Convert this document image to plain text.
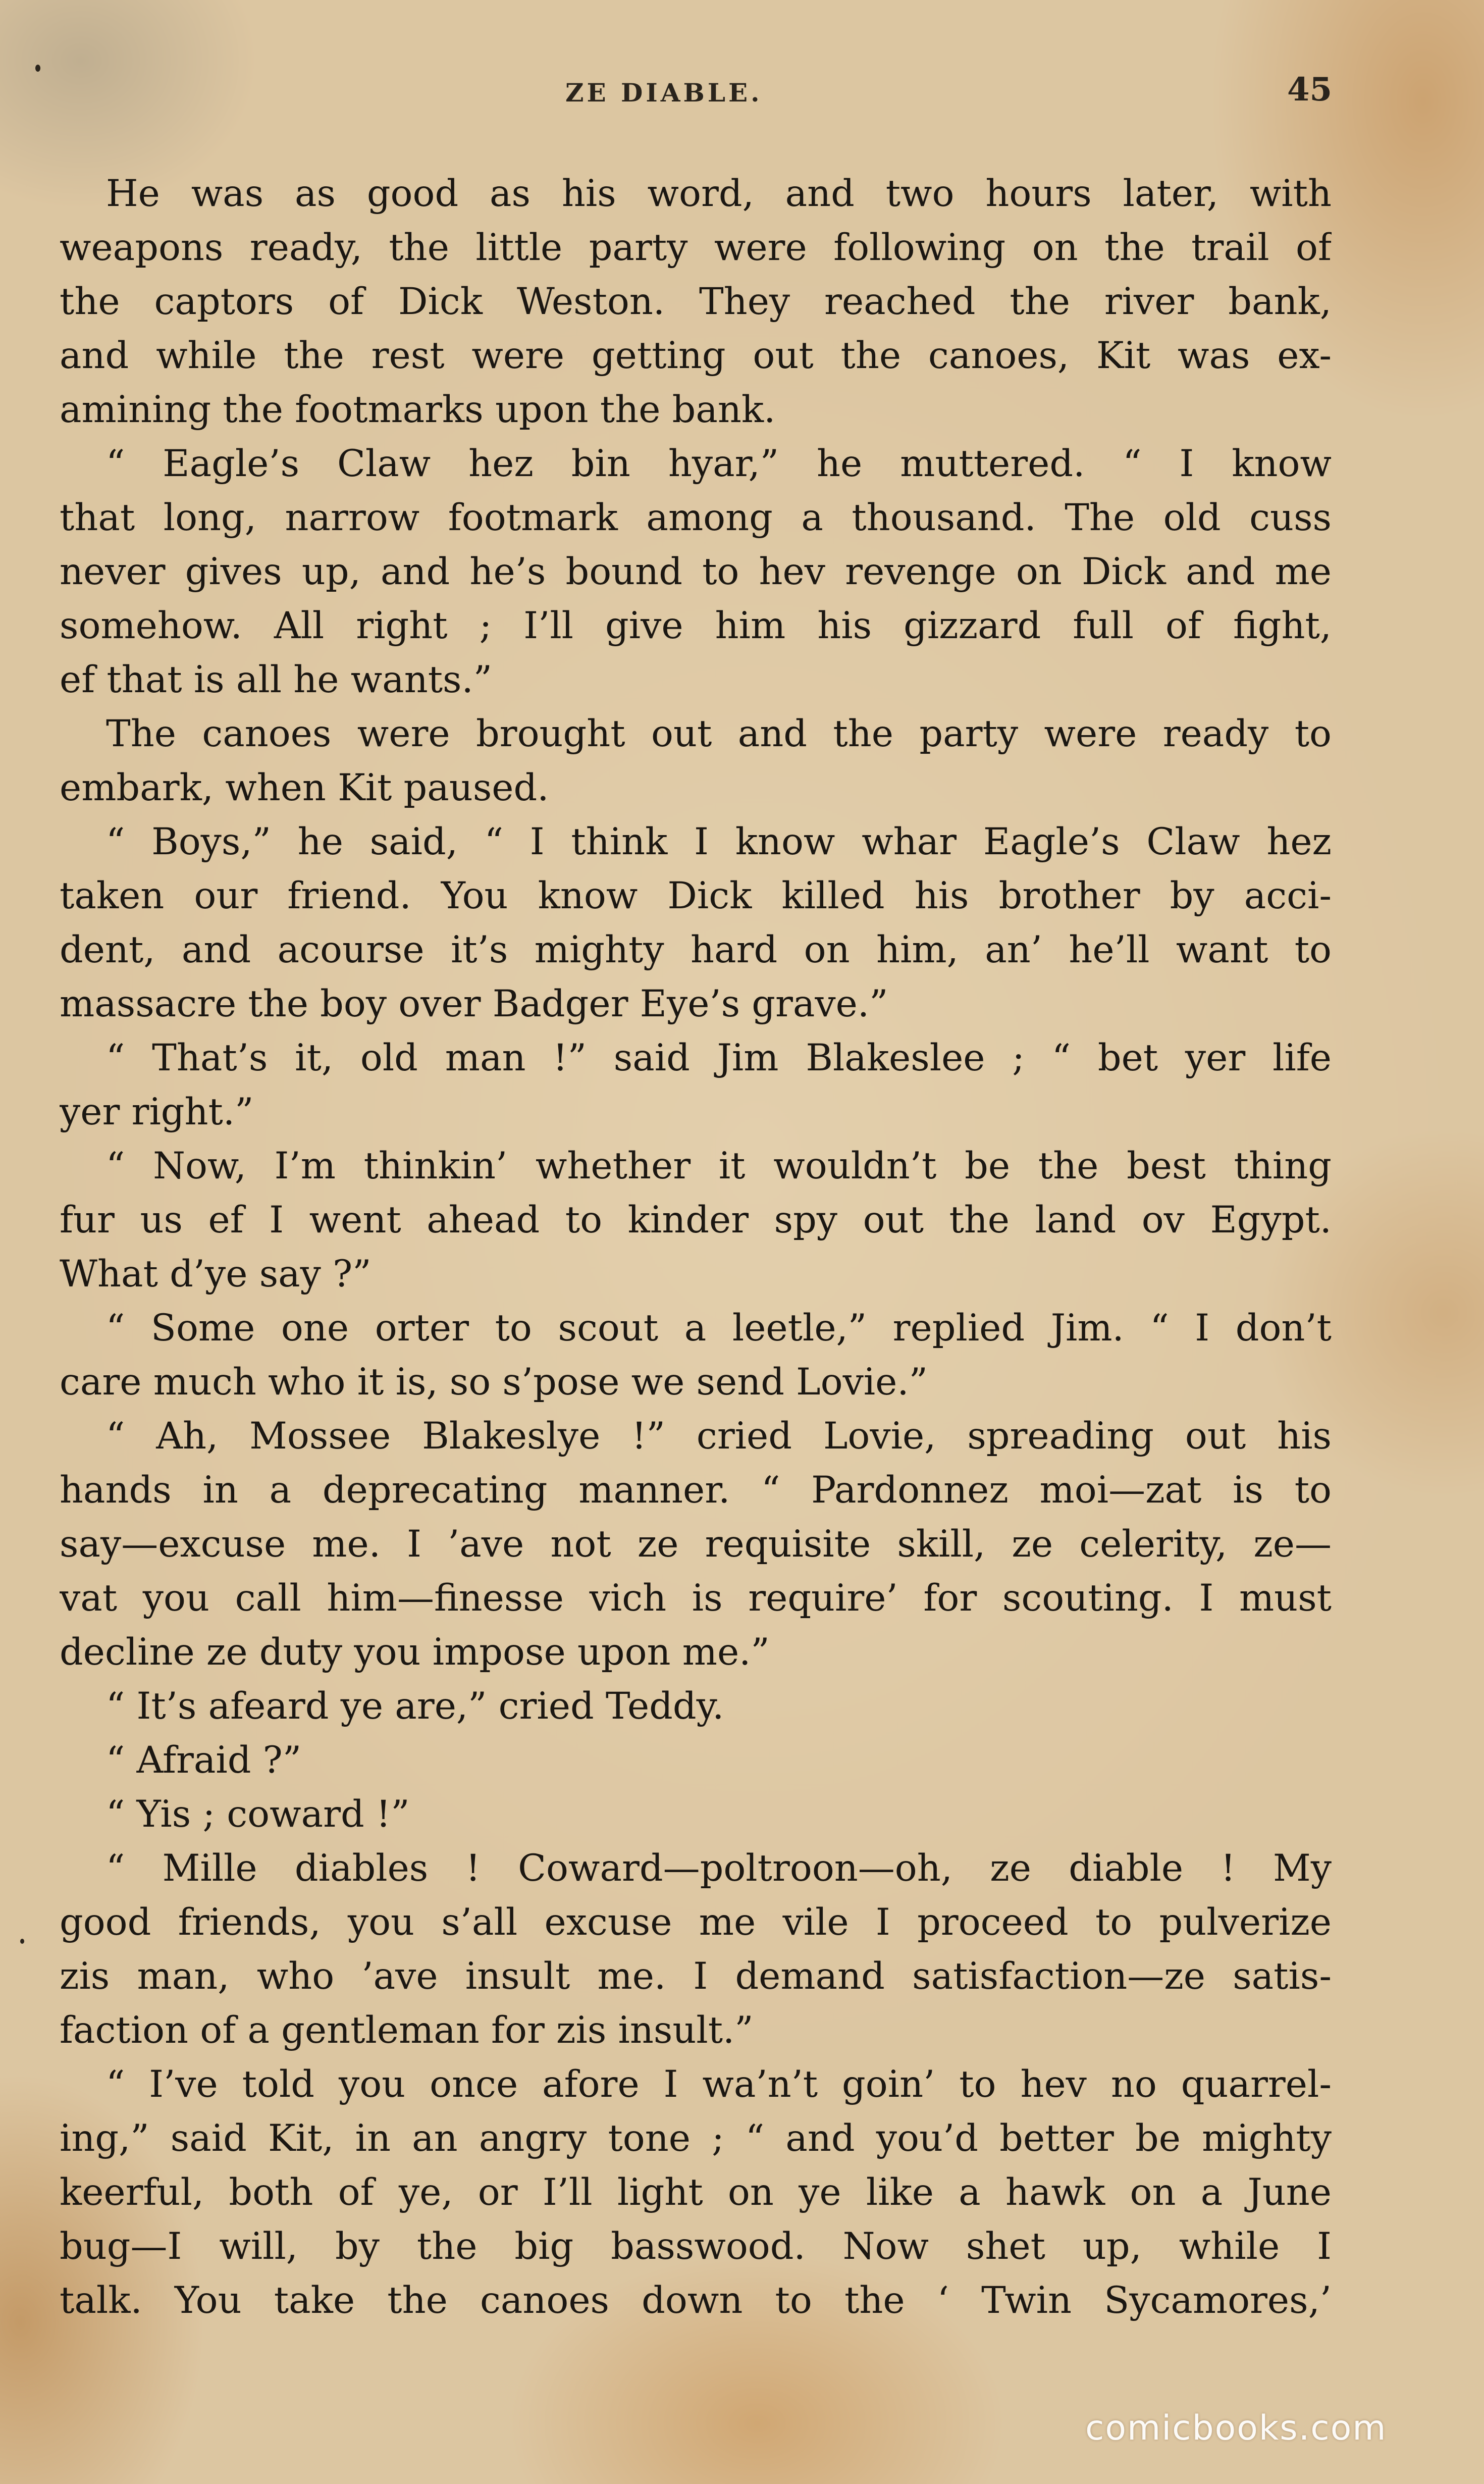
ZE DIABLE.	45
He was as good as his word, and two hours later, with
weapons ready, the little party were following on the trail of
the captors of Dick Weston. They reached the river bank,
and while the rest were getting out the canoes, Kit was ex-
amining the footmarks upon the bank.
“ Eagle’s Claw hez bin hyar,” he muttered. “ I know
that long, narrow footmark among a thousand. The old cuss
never gives up, and he’s bound to hev revenge on Dick and me
somehow. All right ; I’ll give him his gizzard full of fight,
ef that is all he wants.”
The canoes were brought out and the party were ready to
embark, when Kit paused.
“ Boys,” he said, “ I think I know whar Eagle’s Claw hez
taken our friend. You know Dick killed his brother by acci-
dent, and acourse it’s mighty hard on him, an’ he’ll want to
massacre the boy over Badger Eye’s grave.”
“ That’s it, old man !” said Jim Blakeslee ; “ bet yer life
yer right.”
“ Now, I’m thinkin’ whether it wouldn’t be the best thing
fur us ef I went ahead to kinder spy out the land ov Egypt.
What d’ye say ?”
“ Some one orter to scout a leetle,” replied Jim. “ I don’t
care much who it is, so s’pose we send Lovie.”
“ Ah, Mossee Blakeslye !” cried Lovie, spreading out his
hands in a deprecating manner. “ Pardonnez moi—zat is to
say—excuse me. I ’ave not ze requisite skill, ze celerity, ze—
vat you call him—finesse vich is require’ for scouting. I must
decline ze duty you impose upon me.”
“ It’s afeard ye are,” cried Teddy.
“ Afraid ?”
“ Yis ; coward !”
“ Mille diables ! Coward—poltroon—oh, ze diable ! My
good friends, you s’all excuse me vile I proceed to pulverize
zis man, who ’ave insult me. I demand satisfaction—ze satis-
faction of a gentleman for zis insult.”
“ I’ve told you once afore I wa’n’t goin’ to hev no quarrel-
ing,” said Kit, in an angry tone ; “ and you’d better be mighty
keerful, both of ye, or I’ll light on ye like a hawk on a June
bug—I will, by the big basswood. Now shet up, while I
talk. You take the canoes down to the ‘ Twin Sycamores,’
comicbooks.com
